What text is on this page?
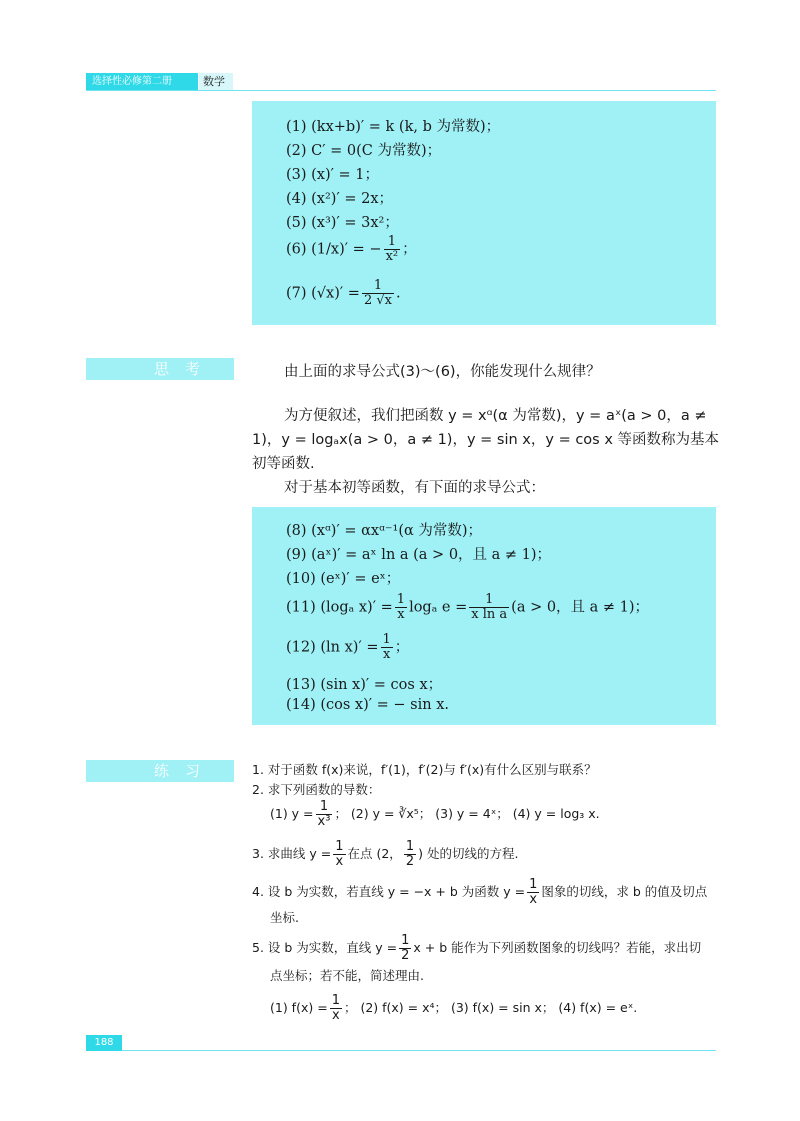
选择性必修第二册	数学
(1) (kx+b)′ = k (k, b 为常数)；
(2) C′ = 0(C 为常数)；
(3) (x)′ = 1；
(4) (x²)′ = 2x；
(5) (x³)′ = 3x²；
(6) (1/x)′ = − $\frac{1}{\text{x²}}$ ；
(7) $(√x)' = \frac{1}{2 √x}$ .
思考	由上面的求导公式(3)～(6)，你能发现什么规律？
为方便叙述，我们把函数 y = xᵅ(α 为常数)，y = aˣ(a > 0，a ≠
1)，y = logₐx(a > 0，a ≠ 1)，y = sin x，y = cos x 等函数称为基本
初等函数.
对于基本初等函数，有下面的求导公式：
(8) (xᵅ)′ = αxᵅ⁻¹(α 为常数)；
(9) (aˣ)′ = aˣ ln a (a > 0，且 a ≠ 1)；
(10) (eˣ)′ = eˣ；
(11) (logₐ $x)' = \frac{1}{x}$ logₐ $e = \frac{1}{\text{x ln a}} (a > 0$，且 a ≠ 1)；
(12) (ln $x)' = \frac{1}{x}$ ；
(13) (sin x)′ = cos x；
(14) (cos x)′ = − sin x.
练习	1. 对于函数 f(x)来说，f′(1)，f′(2)与 f′(x)有什么区别与联系？
2. 求下列函数的导数：
(1) $y = \frac{1}{\text{x³}}$ ； (2) y = ∛x⁵； (3) y = 4ˣ； (4) y = log₃ x.
3. 求曲线 $y = \frac{1}{x}$ 在点 (2， $\frac{1}{2}$ ) 处的切线的方程.
4. 设 b 为实数，若直线 y = −x + b 为函数 $y = \frac{1}{x}$ 图象的切线，求 b 的值及切点
坐标.
5. 设 b 为实数，直线 $y = \frac{1}{2}$ x + b 能作为下列函数图象的切线吗？若能，求出切
点坐标；若不能，简述理由.
(1) $f(x) = \frac{1}{x}$ ； (2) f(x) = x⁴； (3) f(x) = sin x； (4) f(x) = eˣ.
188
